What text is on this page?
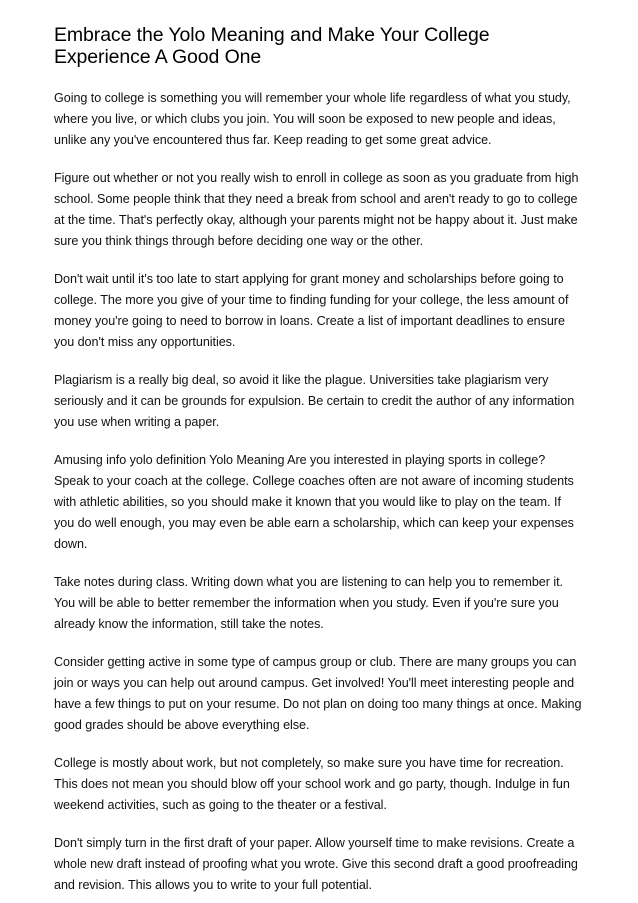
Embrace the Yolo Meaning and Make Your College Experience A Good One

Going to college is something you will remember your whole life regardless of what you study, where you live, or which clubs you join. You will soon be exposed to new people and ideas, unlike any you've encountered thus far. Keep reading to get some great advice.

Figure out whether or not you really wish to enroll in college as soon as you graduate from high school. Some people think that they need a break from school and aren't ready to go to college at the time. That's perfectly okay, although your parents might not be happy about it. Just make sure you think things through before deciding one way or the other.

Don't wait until it's too late to start applying for grant money and scholarships before going to college. The more you give of your time to finding funding for your college, the less amount of money you're going to need to borrow in loans. Create a list of important deadlines to ensure you don't miss any opportunities.

Plagiarism is a really big deal, so avoid it like the plague. Universities take plagiarism very seriously and it can be grounds for expulsion. Be certain to credit the author of any information you use when writing a paper.

Amusing info yolo definition Yolo Meaning Are you interested in playing sports in college? Speak to your coach at the college. College coaches often are not aware of incoming students with athletic abilities, so you should make it known that you would like to play on the team. If you do well enough, you may even be able earn a scholarship, which can keep your expenses down.

Take notes during class. Writing down what you are listening to can help you to remember it. You will be able to better remember the information when you study. Even if you're sure you already know the information, still take the notes.

Consider getting active in some type of campus group or club. There are many groups you can join or ways you can help out around campus. Get involved! You'll meet interesting people and have a few things to put on your resume. Do not plan on doing too many things at once. Making good grades should be above everything else.

College is mostly about work, but not completely, so make sure you have time for recreation. This does not mean you should blow off your school work and go party, though. Indulge in fun weekend activities, such as going to the theater or a festival.

Don't simply turn in the first draft of your paper. Allow yourself time to make revisions. Create a whole new draft instead of proofing what you wrote. Give this second draft a good proofreading and revision. This allows you to write to your full potential.
